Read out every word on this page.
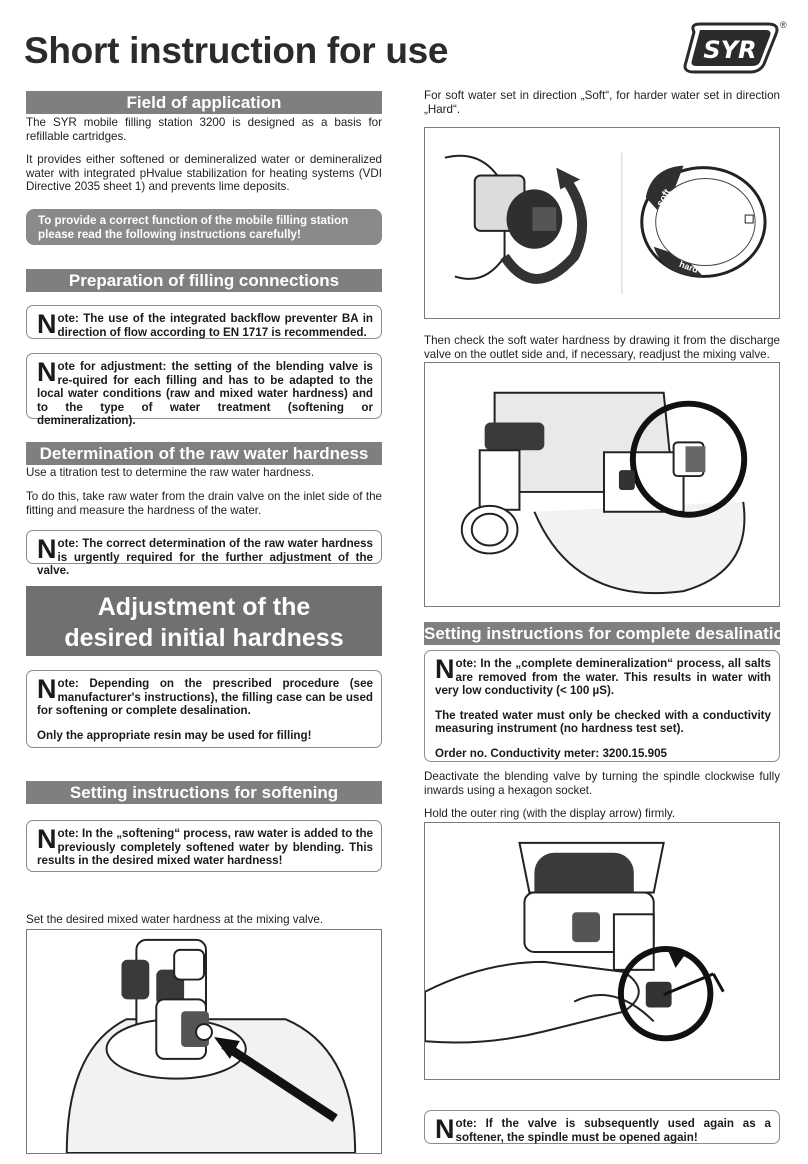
Short instruction for use	SYR
®
Field of application
The SYR mobile filling station 3200 is designed as a basis for refillable cartridges.
It provides either softened or demineralized water or demineralized water with integrated pHvalue stabilization for heating systems (VDI Directive 2035 sheet 1) and prevents lime deposits.
To provide a correct function of the mobile filling station please read the following instructions carefully!
Preparation of filling connections
N ote: The use of the integrated backflow preventer BA in direction of flow according to EN 1717 is recommended.

N ote for adjustment: the setting of the blending valve is re-quired for each filling and has to be adapted to the local water conditions (raw and mixed water hardness) and to the type of water treatment (softening or demineralization).

Determination of the raw water hardness
Use a titration test to determine the raw water hardness.
To do this, take raw water from the drain valve on the inlet side of the fitting and measure the hardness of the water.
N ote: The correct determination of the raw water hardness is urgently required for the further adjustment of the valve.

Adjustment of the
desired initial hardness
N ote: Depending on the prescribed procedure (see manufacturer's instructions), the filling case can be used for softening or complete desalination.

Only the appropriate resin may be used for filling!

Setting instructions for softening
N ote: In the „softening“ process, raw water is added to the previously completely softened water by blending. This results in the desired mixed water hardness!

Set the desired mixed water hardness at the mixing valve.
For soft water set in direction „Soft“, for harder water set in direction „Hard“.
soft
hard
Then check the soft water hardness by drawing it from the discharge valve on the outlet side and, if necessary, readjust the mixing valve.
Setting instructions for complete desalination
N ote: In the „complete demineralization“ process, all salts are removed from the water. This results in water with very low conductivity (< 100 µS).

The treated water must only be checked with a conductivity measuring instrument (no hardness test set).

Order no. Conductivity meter: 3200.15.905

Deactivate the blending valve by turning the spindle clockwise fully inwards using a hexagon socket.
Hold the outer ring (with the display arrow) firmly.
N ote: If the valve is subsequently used again as a softener, the spindle must be opened again!
